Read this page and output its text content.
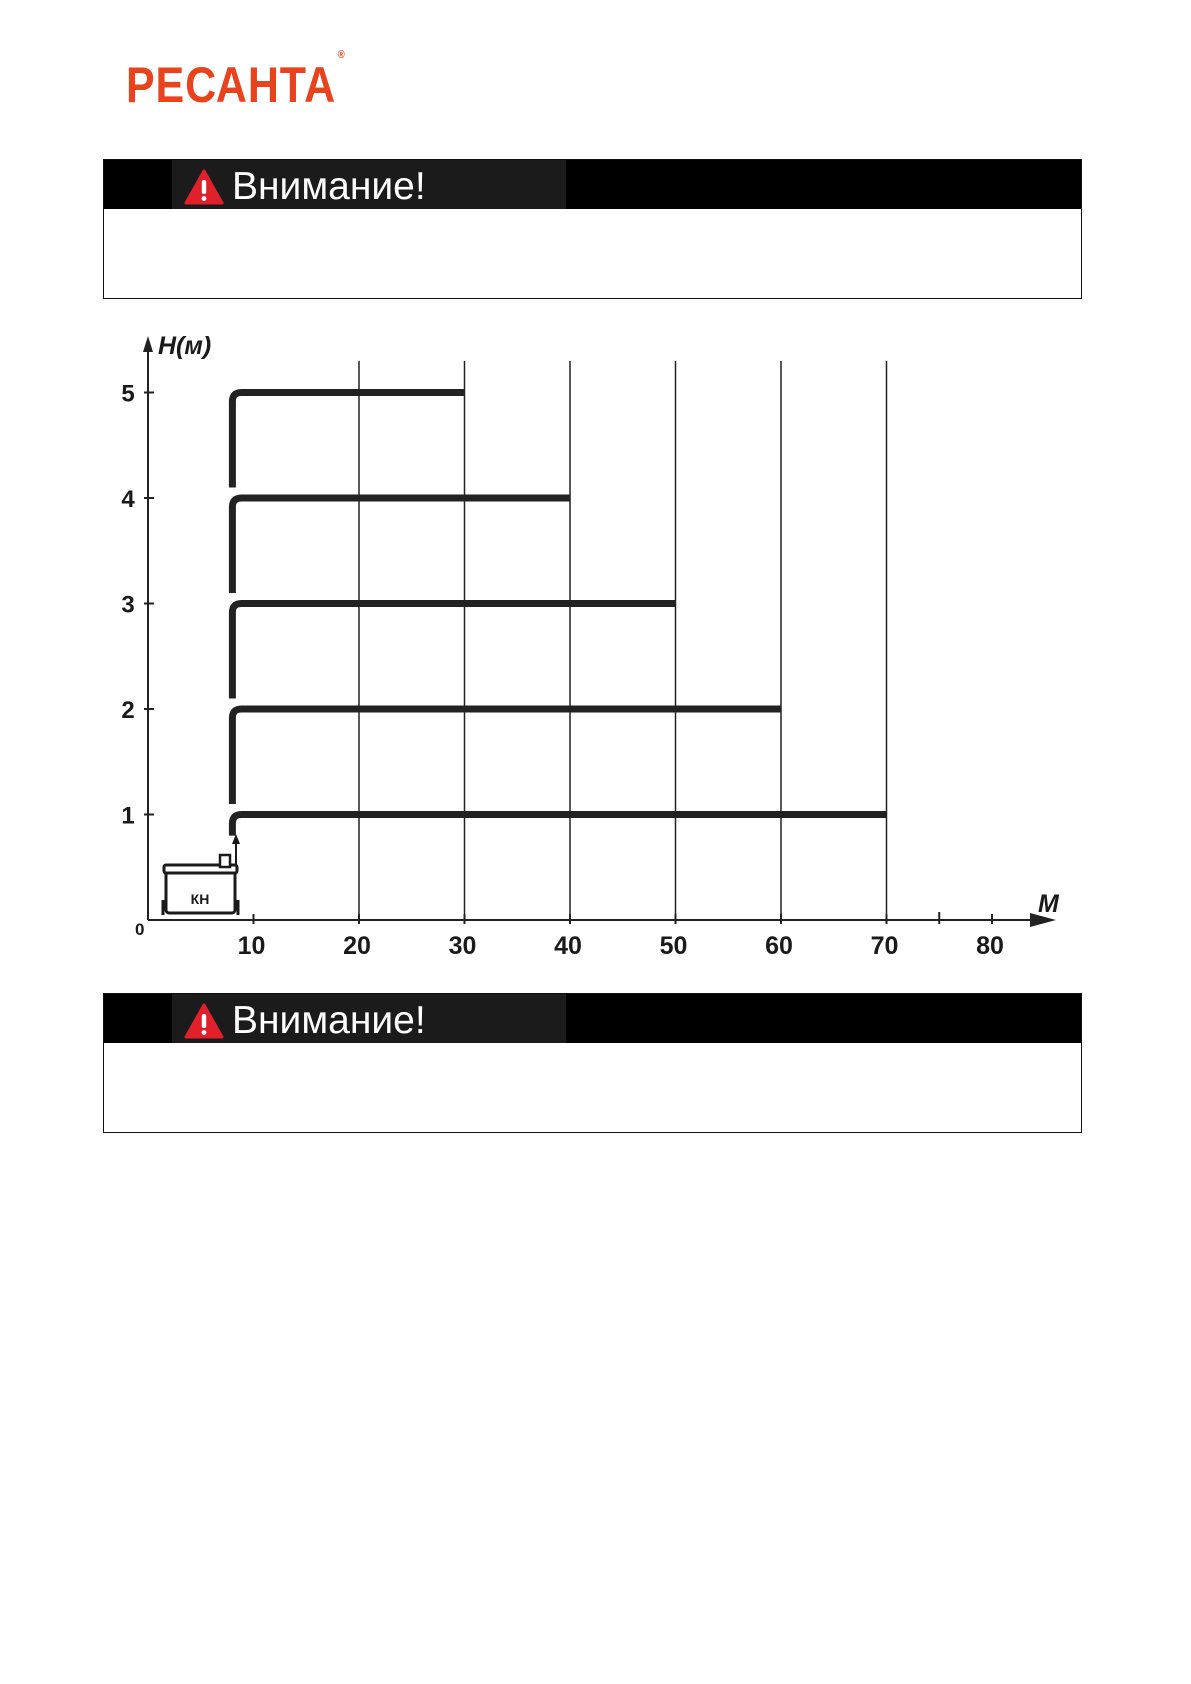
РЕСАНТА®
Внимание!
1
2
3
4
5
10	20	30	40	50	60	70	80
КН
H(м)
М
0
Внимание!
